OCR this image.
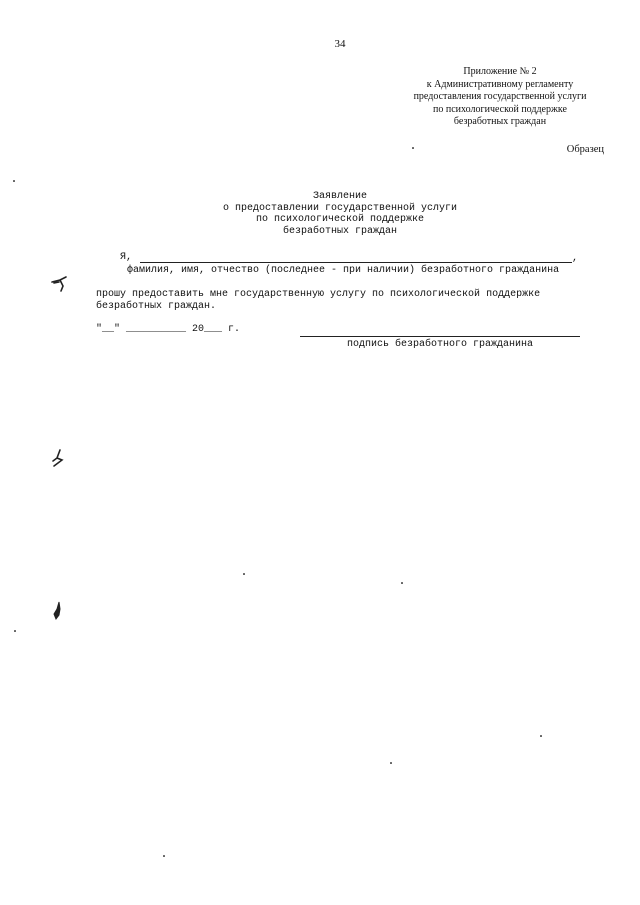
34
Приложение № 2
к Административному регламенту
предоставления государственной услуги
по психологической поддержке
безработных граждан
Образец
Заявление
о предоставлении государственной услуги
по психологической поддержке
безработных граждан
Я,	,
фамилия, имя, отчество (последнее - при наличии) безработного гражданина
прошу предоставить мне государственную услугу по психологической поддержке
безработных граждан.
"__" __________ 20___ г.
подпись безработного гражданина
